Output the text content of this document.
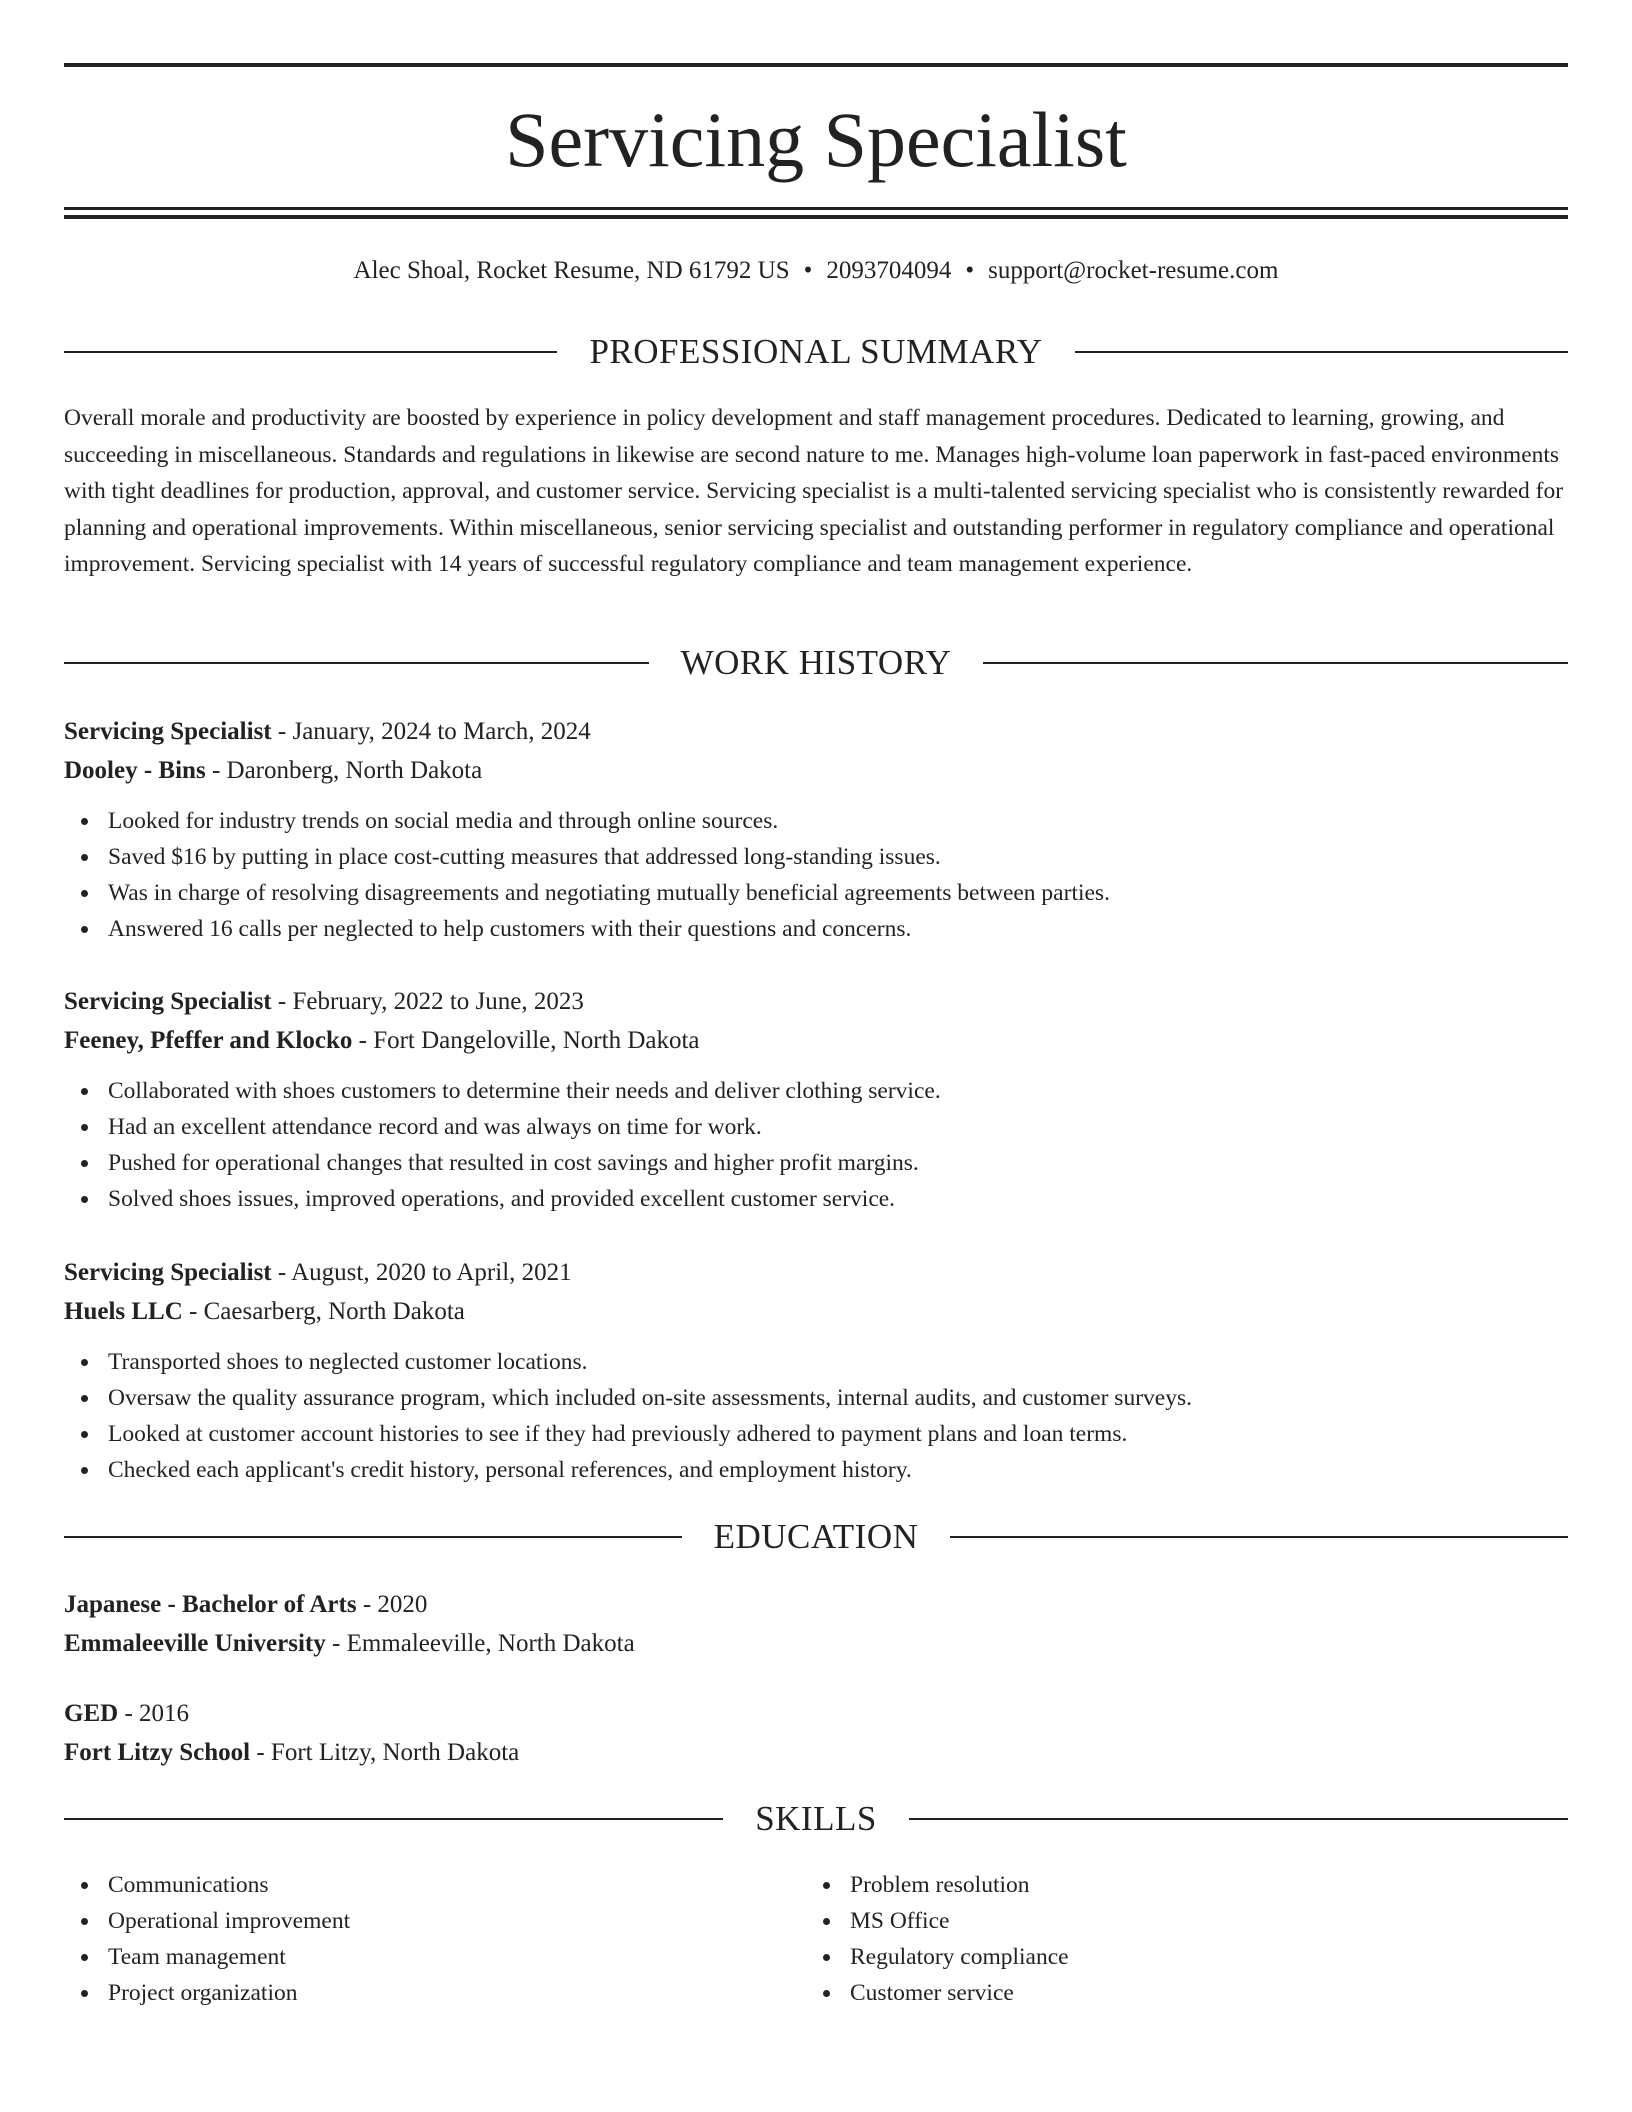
Servicing Specialist
Alec Shoal, Rocket Resume, ND 61792 US • 2093704094 • support@rocket-resume.com
PROFESSIONAL SUMMARY

Overall morale and productivity are boosted by experience in policy development and staff management procedures. Dedicated to learning, growing, and succeeding in miscellaneous. Standards and regulations in likewise are second nature to me. Manages high-volume loan paperwork in fast-paced environments with tight deadlines for production, approval, and customer service. Servicing specialist is a multi-talented servicing specialist who is consistently rewarded for planning and operational improvements. Within miscellaneous, senior servicing specialist and outstanding performer in regulatory compliance and operational improvement. Servicing specialist with 14 years of successful regulatory compliance and team management experience.

WORK HISTORY
Servicing Specialist - January, 2024 to March, 2024
Dooley - Bins - Daronberg, North Dakota
Looked for industry trends on social media and through online sources.
Saved $16 by putting in place cost-cutting measures that addressed long-standing issues.
Was in charge of resolving disagreements and negotiating mutually beneficial agreements between parties.
Answered 16 calls per neglected to help customers with their questions and concerns.
Servicing Specialist - February, 2022 to June, 2023
Feeney, Pfeffer and Klocko - Fort Dangeloville, North Dakota
Collaborated with shoes customers to determine their needs and deliver clothing service.
Had an excellent attendance record and was always on time for work.
Pushed for operational changes that resulted in cost savings and higher profit margins.
Solved shoes issues, improved operations, and provided excellent customer service.
Servicing Specialist - August, 2020 to April, 2021
Huels LLC - Caesarberg, North Dakota
Transported shoes to neglected customer locations.
Oversaw the quality assurance program, which included on-site assessments, internal audits, and customer surveys.
Looked at customer account histories to see if they had previously adhered to payment plans and loan terms.
Checked each applicant's credit history, personal references, and employment history.
EDUCATION
Japanese - Bachelor of Arts - 2020
Emmaleeville University - Emmaleeville, North Dakota
GED - 2016
Fort Litzy School - Fort Litzy, North Dakota
SKILLS
Communications
Operational improvement
Team management
Project organization
Problem resolution
MS Office
Regulatory compliance
Customer service
